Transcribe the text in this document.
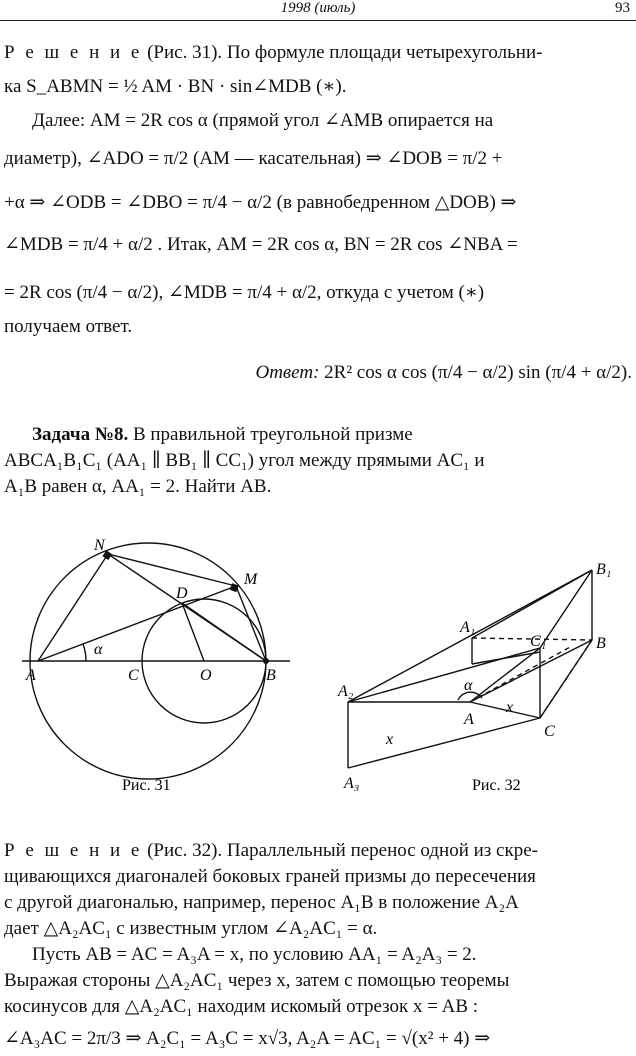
1998 (июль)	93
Р е ш е н и е (Рис. 31). По формуле площади четырехугольни-
ка S_ABMN = ½ AM · BN · sin∠MDB (∗).
Далее: AM = 2R cos α (прямой угол ∠AMB опирается на
диаметр), ∠ADO = π/2 (AM — касательная) ⇒ ∠DOB = π/2 +
+α ⇒ ∠ODB = ∠DBO = π/4 − α/2 (в равнобедренном △DOB) ⇒
∠MDB = π/4 + α/2 . Итак, AM = 2R cos α, BN = 2R cos ∠NBA =
= 2R cos (π/4 − α/2), ∠MDB = π/4 + α/2, откуда с учетом (∗)
получаем ответ.
Ответ: 2R² cos α cos (π/4 − α/2) sin (π/4 + α/2).
Задача №8. В правильной треугольной призме
ABCA₁B₁C₁ (AA₁ ∥ BB₁ ∥ CC₁) угол между прямыми AC₁ и
A₁B равен α, AA₁ = 2. Найти AB.
N
M
D
A	C	O	B
α
Рис. 31
B₁
A₁
C₁	B
A₂
A
C
A₃
α
x
x
Рис. 32
Р е ш е н и е (Рис. 32). Параллельный перенос одной из скре-
щивающихся диагоналей боковых граней призмы до пересечения
с другой диагональю, например, перенос A₁B в положение A₂A
дает △A₂AC₁ с известным углом ∠A₂AC₁ = α.
Пусть AB = AC = A₃A = x, по условию AA₁ = A₂A₃ = 2.
Выражая стороны △A₂AC₁ через x, затем с помощью теоремы
косинусов для △A₂AC₁ находим искомый отрезок x = AB :
∠A₃AC = 2π/3 ⇒ A₂C₁ = A₃C = x√3, A₂A = AC₁ = √(x² + 4) ⇒
